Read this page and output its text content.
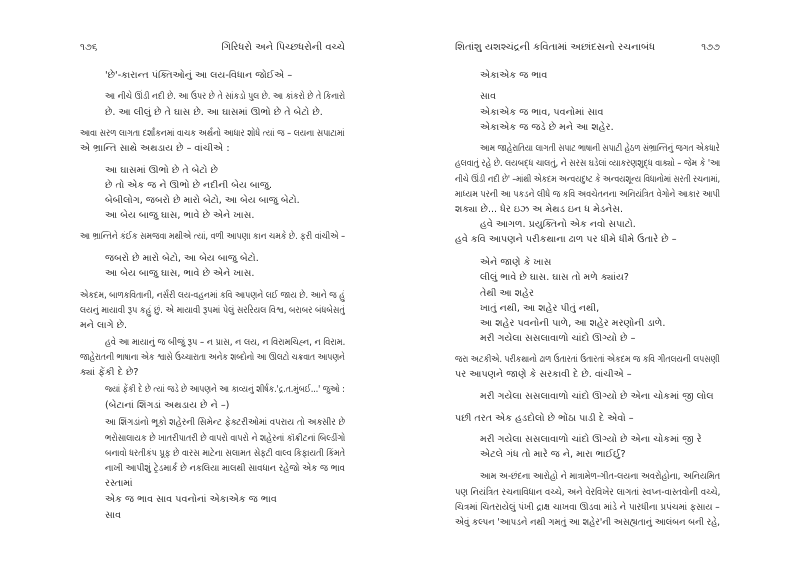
૧૭૬	ગિરિધરો અને પિચ્છધરોની વચ્ચે
'છે'-કારાન્ત પંક્તિઓનું આ લય-વિધાન જોઈએ –
આ નીચે ઊંડી નદી છે. આ ઉપર છે તે સાંકડો પુલ છે. આ કાંકરો છે તે કિનારો
છે. આ લીલું છે તે ઘાસ છે. આ ઘાસમાં ઊભો છે તે બેટો છે.
આવા સરળ લાગતા દર્શાંકનમાં વાચક અર્થનો આધાર શોધે ત્યાં જ – લયના સપાટામાં
એ ભ્રાન્તિ સાથે અથડાય છે – વાંચીએ :
આ ઘાસમાં ઊભો છે તે બેટો છે
છે તો એક જ ને ઊભો છે નદીની બેય બાજુ.
બેબીલોગ, જબરો છે મારો બેટો, આ બેય બાજુ બેટો.
આ બેય બાજુ ઘાસ, ભાવે છે એને ખાસ.
આ ભ્રાન્તિને કંઈક સમજવા મથીએ ત્યાં, વળી આપણા કાન ચમકે છે. ફરી વાંચીએ –
જબરો છે મારો બેટો, આ બેય બાજુ બેટો.
આ બેય બાજુ ઘાસ, ભાવે છે એને ખાસ.
એકદમ, બાળકવિતાની, નર્સરી લય-વહનમાં કવિ આપણને લઈ જાય છે. આને જ હું
લયનું માયાવી રૂપ કહું છું. એ માયાવી રૂપમાં પેલું સરરિયલ વિશ્વ, બરાબર બંધબેસતું
મને લાગે છે.
હવે આ માયાનું જ બીજું રૂપ – ન પ્રાસ, ન લય, ન વિરામચિહ્ન, ન વિરામ.
જાહેરાતની ભાષાના એક શ્વાસે ઉચ્ચારાતા અનેક શબ્દોનો આ ઊલટો ચક્રવાત આપણને
ક્યાં ફેંકી દે છે?
જ્યાં ફેંકી દે છે ત્યાં જડે છે આપણને આ કાવ્યનું શીર્ષક.'દ્ર.ત.મુંબઈ...' જુઓ :
(બેટાનાં શિંગડાં અથડાય છે ને –)
આ શિંગડાંનો ભૂકો શહેરની સિમેન્ટ ફેક્ટરીઓમાં વપરાય તો અક્સીર છે
ભરોસાલાયક છે ખાતરીપાતરી છે વાપરો વાપરો ને શહેરનાં કૉંક્રીટનાં બિલ્ડીંગો
બનાવો ધરતીકંપ પ્રૂફ છે વારસ માટેના સલામત સેફ્ટી વાલ્વ કિફાયતી કિંમતે
નાખી આપીશું ટ્રેડમાર્ક છે નકલિયા માલથી સાવધાન રહેજો એક જ ભાવ
રસ્તામાં
એક જ ભાવ સાવ પવનોનાં એકાએક જ ભાવ
સાવ
શિતાંશુ યશશ્ચંદ્રની કવિતામાં અછાંદસનો રચનાબંધ	૧૭૭
એકાએક જ ભાવ
સાવ
એકાએક જ ભાવ, પવનોમાં સાવ
એકાએક જ જડે છે મને આ શહેર.
આમ જાહેરાતિયા લાગતી સપાટ ભાષાની સપાટી હેઠળ સંભ્રાન્તિનું જગત એકધારે
હલવાતું રહે છે. લયબદ્ધ ચાલતું, ને સરસ ઘડેલાં વ્યાકરણશુદ્ધ વાક્યો – જેમ કે 'આ
નીચે ઊંડી નદી છે' –માંથી એકદમ અન્વયદુષ્ટ કે અન્વયશૂન્ય વિધાનોમાં સરતી રચનામાં,
માધ્યમ પરની આ પકડને લીધે જ કવિ અવચેતનના અનિયંત્રિત વેગોને આકાર આપી
શક્યા છે... ધેર ઇઝ અ મેથડ ઇન ધ મેડનેસ.
હવે આગળ. પ્રયુક્તિનો એક નવો સપાટો.
હવે કવિ આપણને પરીકથાના ઢાળ પર ધીમે ધીમે ઉતારે છે –
એને જાણે કે ખાસ
લીલું ભાવે છે ઘાસ. ઘાસ તો મળે ક્યાંય?
તેથી આ શહેર
ખાતું નથી, આ શહેર પીતું નથી,
આ શહેર પવનોની પાળે, આ શહેર મરણોની ડાળે.
મરી ગયેલા સસલાવાળો ચાંદો ઊગ્યો છે –
જરા અટકીએ. પરીકથાનો ઢાળ ઉતારતાં ઉતારતાં એકદમ જ કવિ ગીતલયની લપસણી
પર આપણને જાણે કે સરકાવી દે છે. વાંચીએ –
મરી ગયેલા સસલાવાળો ચાંદો ઊગ્યો છે એના ચોકમાં જી લોલ
પછી તરત એક હડદોલો છે ભોંઠા પાડી દે એવો –
મરી ગયેલા સસલાવાળો ચાંદો ઊગ્યો છે એના ચોકમાં જી રે
એટલે ગંધ તો મારે જ ને, મારા ભાઈઈું?
આમ અ-છંદના આરોહો ને માત્રામેળ-ગીત-લયના અવરોહોના, અનિયમિત
પણ નિયંત્રિત રચનાવિધાન વચ્ચે, અને વેરવિખેર લાગતાં સ્વપ્ન-વાસ્તવોની વચ્ચે,
ચિત્રમાં ચિતરાયેલું પંખી દ્રાક્ષ ચાખવા ઊડવા માંડે ને પારધીના પ્રપંચમાં ફસાય –
એવું કલ્પન 'આપડને નથી ગમતું આ શહેર'ની અસહ્યતાનું આલંબન બની રહે,
